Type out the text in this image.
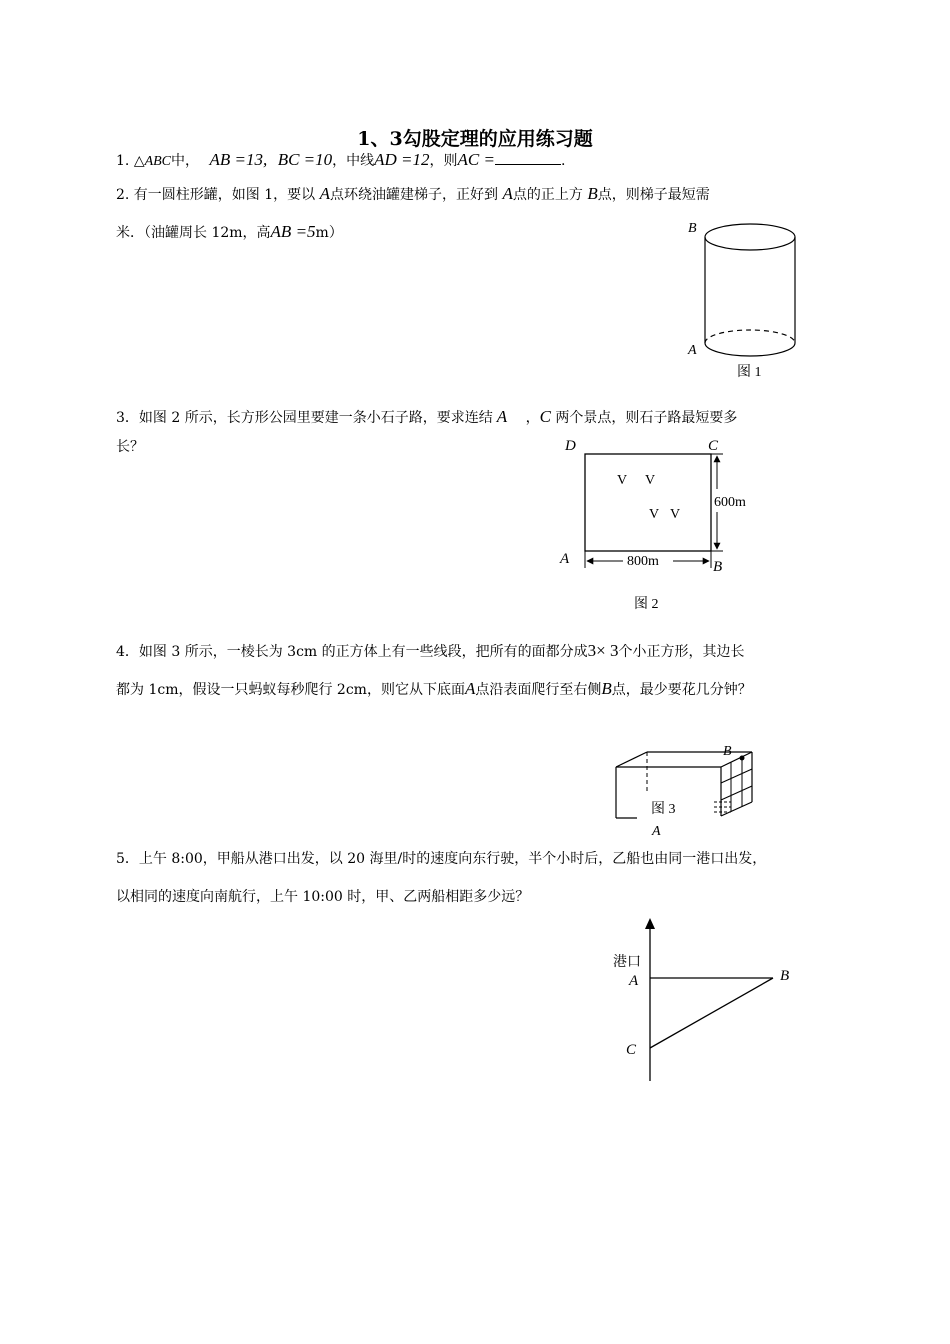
1、3勾股定理的应用练习题
1. △ABC中， AB =13, BC =10，中线AD =12，则AC =	.
2. 有一圆柱形罐，如图 1，要以 A点环绕油罐建梯子，正好到 A点的正上方 B点，则梯子最短需
米．（油罐周长 12m，高AB =5m）	B
A
图 1
3．如图 2 所示，长方形公园里要建一条小石子路，要求连结 A ，C 两个景点，则石子路最短要多
长？	D	C
A	B
600m
800m
V V
V V
图 2
4．如图 3 所示，一棱长为 3cm 的正方体上有一些线段，把所有的面都分成3× 3个小正方形，其边长
都为 1cm，假设一只蚂蚁每秒爬行 2cm，则它从下底面A点沿表面爬行至右侧B点，最少要花几分钟？
B
图 3
A
5．上午 8:00，甲船从港口出发，以 20 海里/时的速度向东行驶，半个小时后，乙船也由同一港口出发，
以相同的速度向南航行，上午 10:00 时，甲、乙两船相距多少远？
港口
A	B
C
